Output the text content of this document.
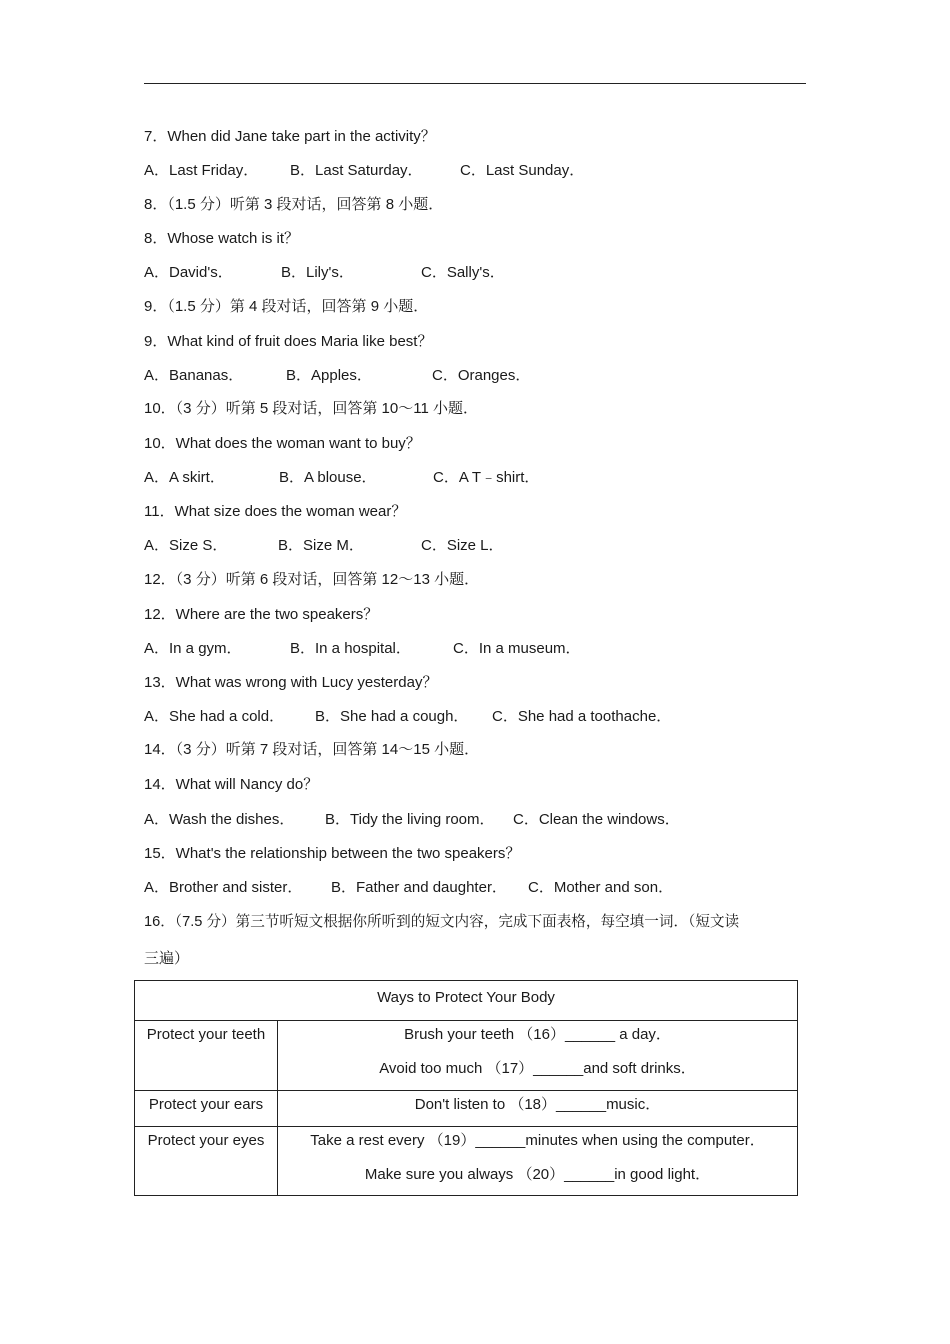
7．When did Jane take part in the activity？
A．Last Friday．	B．Last Saturday．	C．Last Sunday．
8．（1.5 分）听第 3 段对话，回答第 8 小题．
8．Whose watch is it？
A．David's．	B．Lily's．	C．Sally's．
9．（1.5 分）第 4 段对话，回答第 9 小题．
9．What kind of fruit does Maria like best？
A．Bananas．	B．Apples．	C．Oranges．
10．（3 分）听第 5 段对话，回答第 10～11 小题．
10．What does the woman want to buy？
A．A skirt．	B．A blouse．	C．A T﹣shirt．
11．What size does the woman wear？
A．Size S．	B．Size M．	C．Size L．
12．（3 分）听第 6 段对话，回答第 12～13 小题．
12．Where are the two speakers？
A．In a gym．	B．In a hospital．	C．In a museum．
13．What was wrong with Lucy yesterday？
A．She had a cold．	B．She had a cough．	C．She had a toothache．
14．（3 分）听第 7 段对话，回答第 14～15 小题．
14．What will Nancy do？
A．Wash the dishes．	B．Tidy the living room．	C．Clean the windows．
15．What's the relationship between the two speakers？
A．Brother and sister．	B．Father and daughter．	C．Mother and son．
16．（7.5 分）第三节听短文根据你所听到的短文内容，完成下面表格，每空填一词．（短文读
三遍）
Ways to Protect Your Body	
Protect your teeth	Brush your teeth （16）______ a day．
Avoid too much （17）______and soft drinks．

Protect your ears	Don't listen to （18）______music．

Protect your eyes	Take a rest every （19）______minutes when using the computer．
Make sure you always （20）______in good light．
